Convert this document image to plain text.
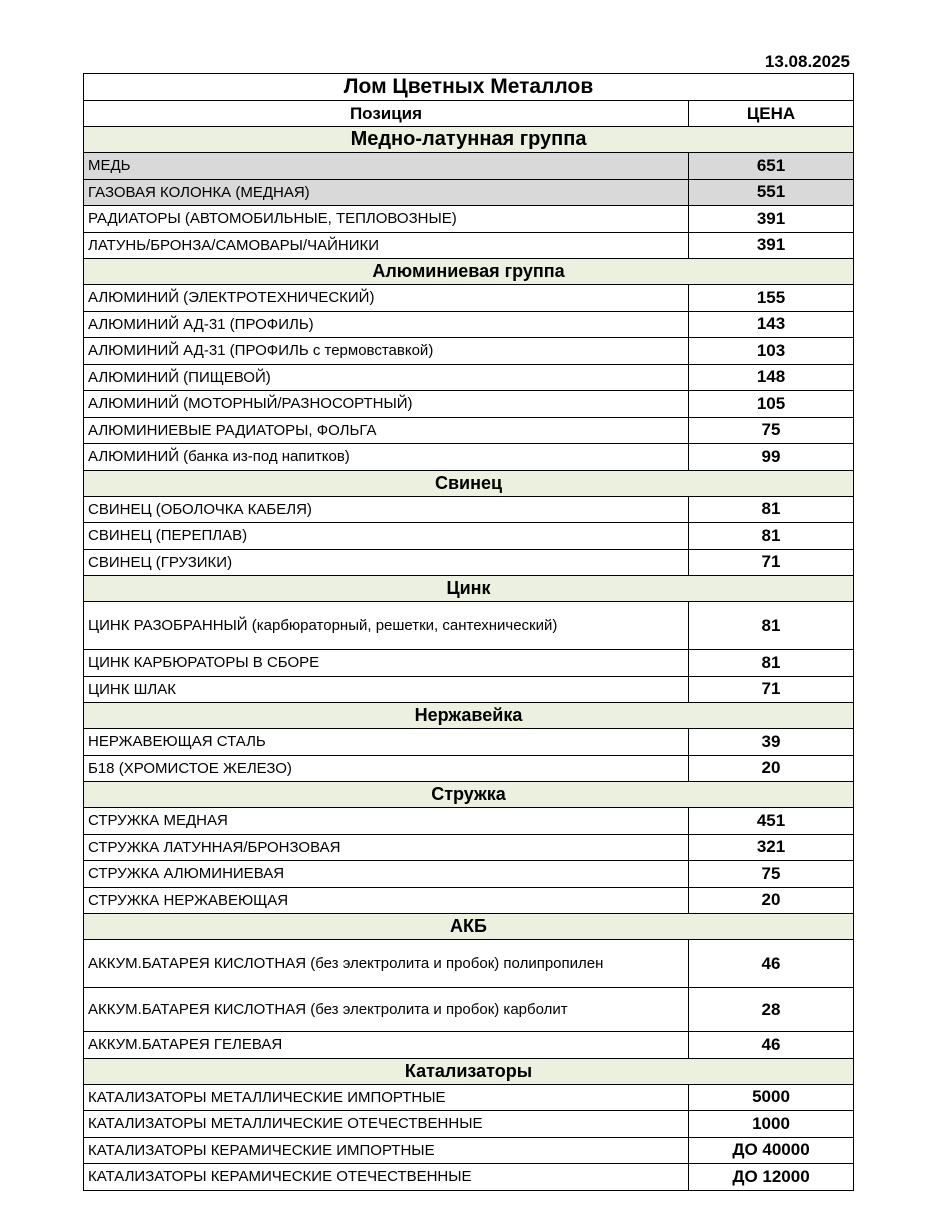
13.08.2025
Лом Цветных Металлов	
Позиция	ЦЕНА
Медно-латунная группа	
МЕДЬ	651
ГАЗОВАЯ КОЛОНКА (МЕДНАЯ)	551
РАДИАТОРЫ (АВТОМОБИЛЬНЫЕ, ТЕПЛОВОЗНЫЕ)	391
ЛАТУНЬ/БРОНЗА/САМОВАРЫ/ЧАЙНИКИ	391
Алюминиевая группа	
АЛЮМИНИЙ (ЭЛЕКТРОТЕХНИЧЕСКИЙ)	155
АЛЮМИНИЙ АД-31 (ПРОФИЛЬ)	143
АЛЮМИНИЙ АД-31 (ПРОФИЛЬ с термовставкой)	103
АЛЮМИНИЙ (ПИЩЕВОЙ)	148
АЛЮМИНИЙ (МОТОРНЫЙ/РАЗНОСОРТНЫЙ)	105
АЛЮМИНИЕВЫЕ РАДИАТОРЫ, ФОЛЬГА	75
АЛЮМИНИЙ (банка из-под напитков)	99
Свинец	
СВИНЕЦ (ОБОЛОЧКА КАБЕЛЯ)	81
СВИНЕЦ (ПЕРЕПЛАВ)	81
СВИНЕЦ (ГРУЗИКИ)	71
Цинк	
ЦИНК РАЗОБРАННЫЙ (карбюраторный, решетки, сантехнический)	81
ЦИНК КАРБЮРАТОРЫ В СБОРЕ	81
ЦИНК ШЛАК	71
Нержавейка	
НЕРЖАВЕЮЩАЯ СТАЛЬ	39
Б18 (ХРОМИСТОЕ ЖЕЛЕЗО)	20
Стружка	
СТРУЖКА МЕДНАЯ	451
СТРУЖКА ЛАТУННАЯ/БРОНЗОВАЯ	321
СТРУЖКА АЛЮМИНИЕВАЯ	75
СТРУЖКА НЕРЖАВЕЮЩАЯ	20
АКБ	
АККУМ.БАТАРЕЯ КИСЛОТНАЯ (без электролита и пробок) полипропилен	46
АККУМ.БАТАРЕЯ КИСЛОТНАЯ (без электролита и пробок) карболит	28
АККУМ.БАТАРЕЯ ГЕЛЕВАЯ	46
Катализаторы	
КАТАЛИЗАТОРЫ МЕТАЛЛИЧЕСКИЕ ИМПОРТНЫЕ	5000
КАТАЛИЗАТОРЫ МЕТАЛЛИЧЕСКИЕ ОТЕЧЕСТВЕННЫЕ	1000
КАТАЛИЗАТОРЫ КЕРАМИЧЕСКИЕ ИМПОРТНЫЕ	ДО 40000
КАТАЛИЗАТОРЫ КЕРАМИЧЕСКИЕ ОТЕЧЕСТВЕННЫЕ	ДО 12000
